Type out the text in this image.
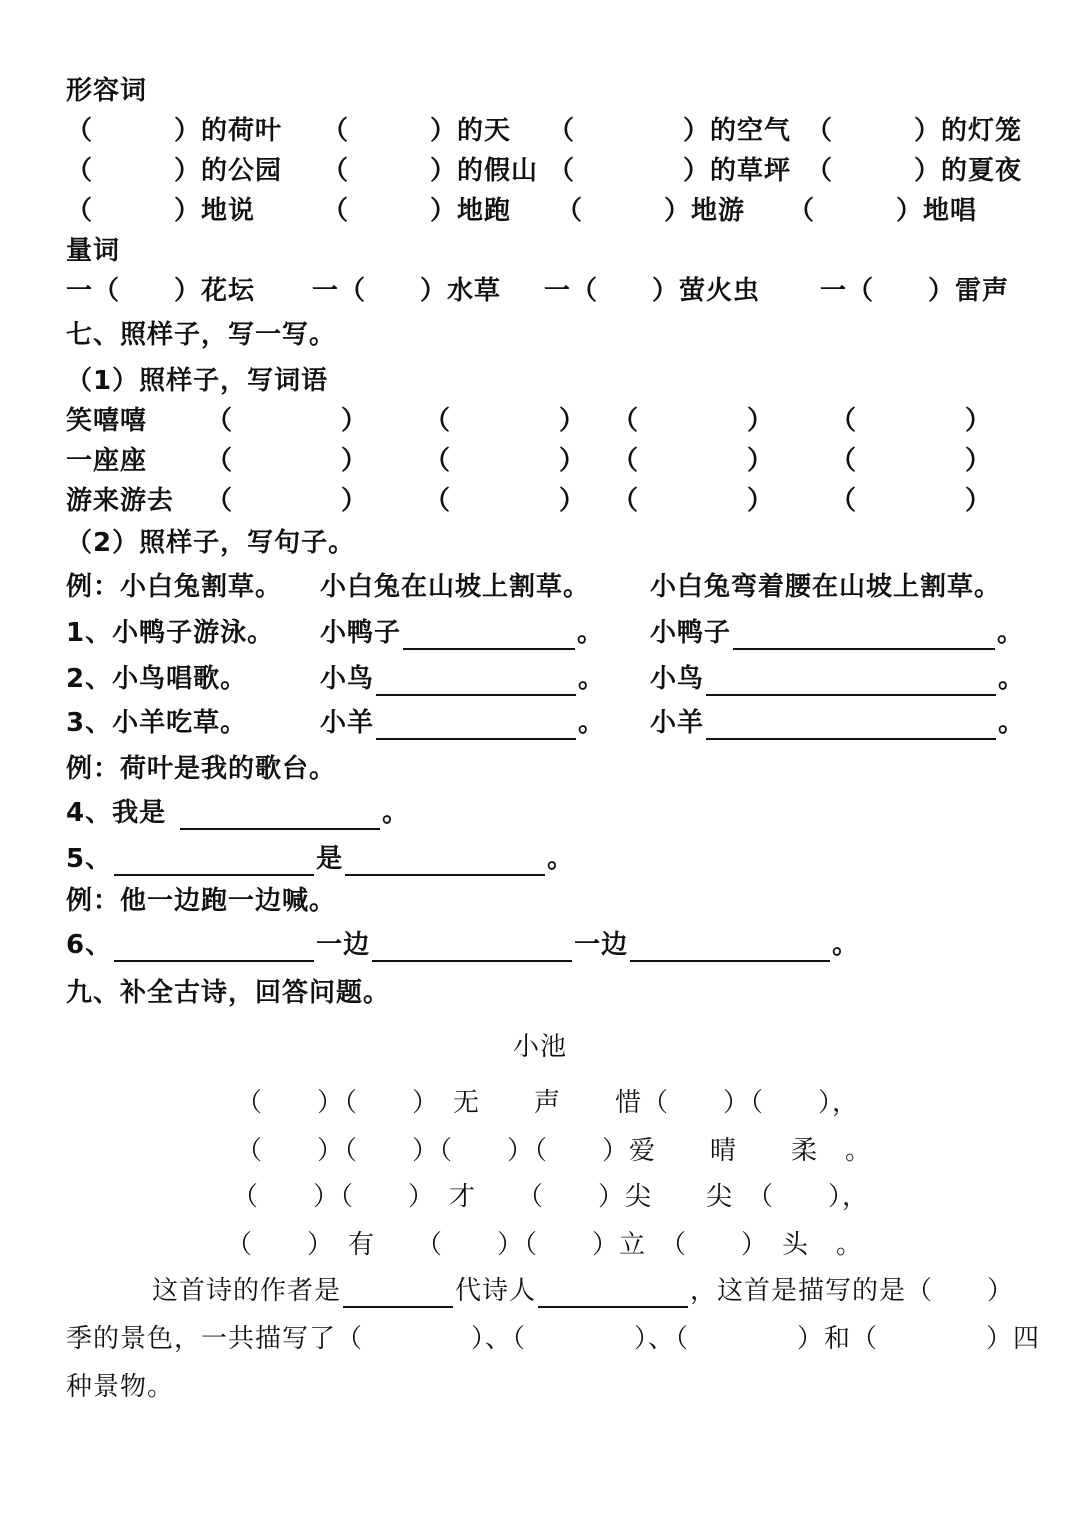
形容词
（　　　）的荷叶 （　　　）的天 （　　　　）的空气 （　　　）的灯笼
（　　　）的公园 （　　　）的假山 （　　　　）的草坪 （　　　）的夏夜
（　　　）地说	（　　　）地跑 （　　　）地游 （　　　）地唱
量词
一（　　）花坛 一（　　）水草 一（　　）萤火虫 一（　　）雷声
七、照样子，写一写。
（1）照样子，写词语
笑嘻嘻 （　　　　） （　　　　） （　　　　） （　　　　）
一座座 （　　　　） （　　　　） （　　　　） （　　　　）
游来游去 （　　　　） （　　　　） （　　　　） （　　　　）
（2）照样子，写句子。
例：小白兔割草。 小白兔在山坡上割草。 小白兔弯着腰在山坡上割草。
1、小鸭子游泳。 小鸭子	。 小鸭子	。
2、小鸟唱歌。	小鸟	。 小鸟	。
3、小羊吃草。	小羊	。 小羊	。
例：荷叶是我的歌台。
4、我是	。
5、	是	。
例：他一边跑一边喊。
6、	一边	一边	。
九、补全古诗，回答问题。
小池
（　　）（　　）　无　　声　　惜（　　）（　　），
（　　）（　　）（　　）（　　）爱　　晴　　柔　。
（　　）（　　）　才　　（　　）尖　　尖　（　　），
（　　）　有　　（　　）（　　）立　（　　）　头　。
这首诗的作者是	代诗人	，这首是描写的是（　　）
季的景色，一共描写了（　　　　）、（　　　　）、（　　　　）和（　　　　）四
种景物。
